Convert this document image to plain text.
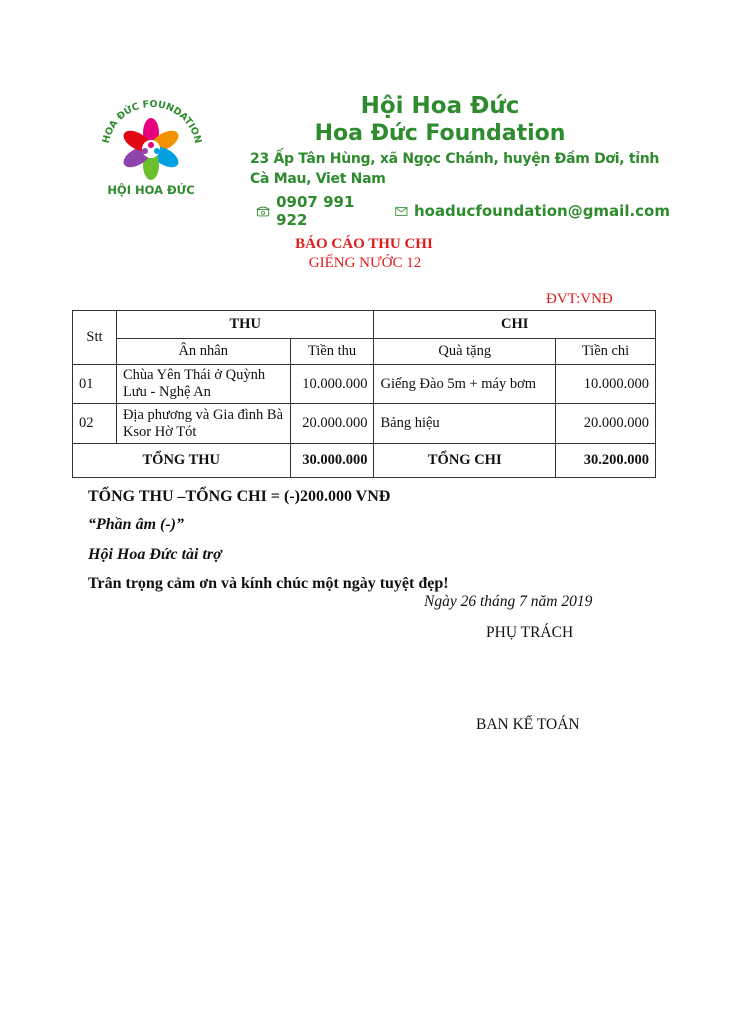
HOA ĐỨC FOUNDATION
HỘI HOA ĐỨC
Hội Hoa Đức
Hoa Đức Foundation
23 Ấp Tân Hùng, xã Ngọc Chánh, huyện Đầm Dơi, tỉnh Cà Mau, Viet Nam
0907 991 922	hoaducfoundation@gmail.com
BÁO CÁO THU CHI
GIẾNG NƯỚC 12
ĐVT:VNĐ
Stt	THU		CHI	
	Ân nhân	Tiền thu	Quà tặng	Tiền chi
01	Chùa Yên Thái ở Quỳnh Lưu - Nghệ An	10.000.000	Giếng Đào 5m + máy bơm	10.000.000
02	Địa phương và Gia đình Bà Ksor Hờ Tót	20.000.000	Bảng hiệu	20.000.000
TỔNG THU		30.000.000	TỔNG CHI	30.200.000

TỔNG THU –TỔNG CHI = (-)200.000 VNĐ

“Phần âm (-)”

Hội Hoa Đức tài trợ

Trân trọng cảm ơn và kính chúc một ngày tuyệt đẹp!

Ngày 26 tháng 7 năm 2019
PHỤ TRÁCH
BAN KẾ TOÁN
